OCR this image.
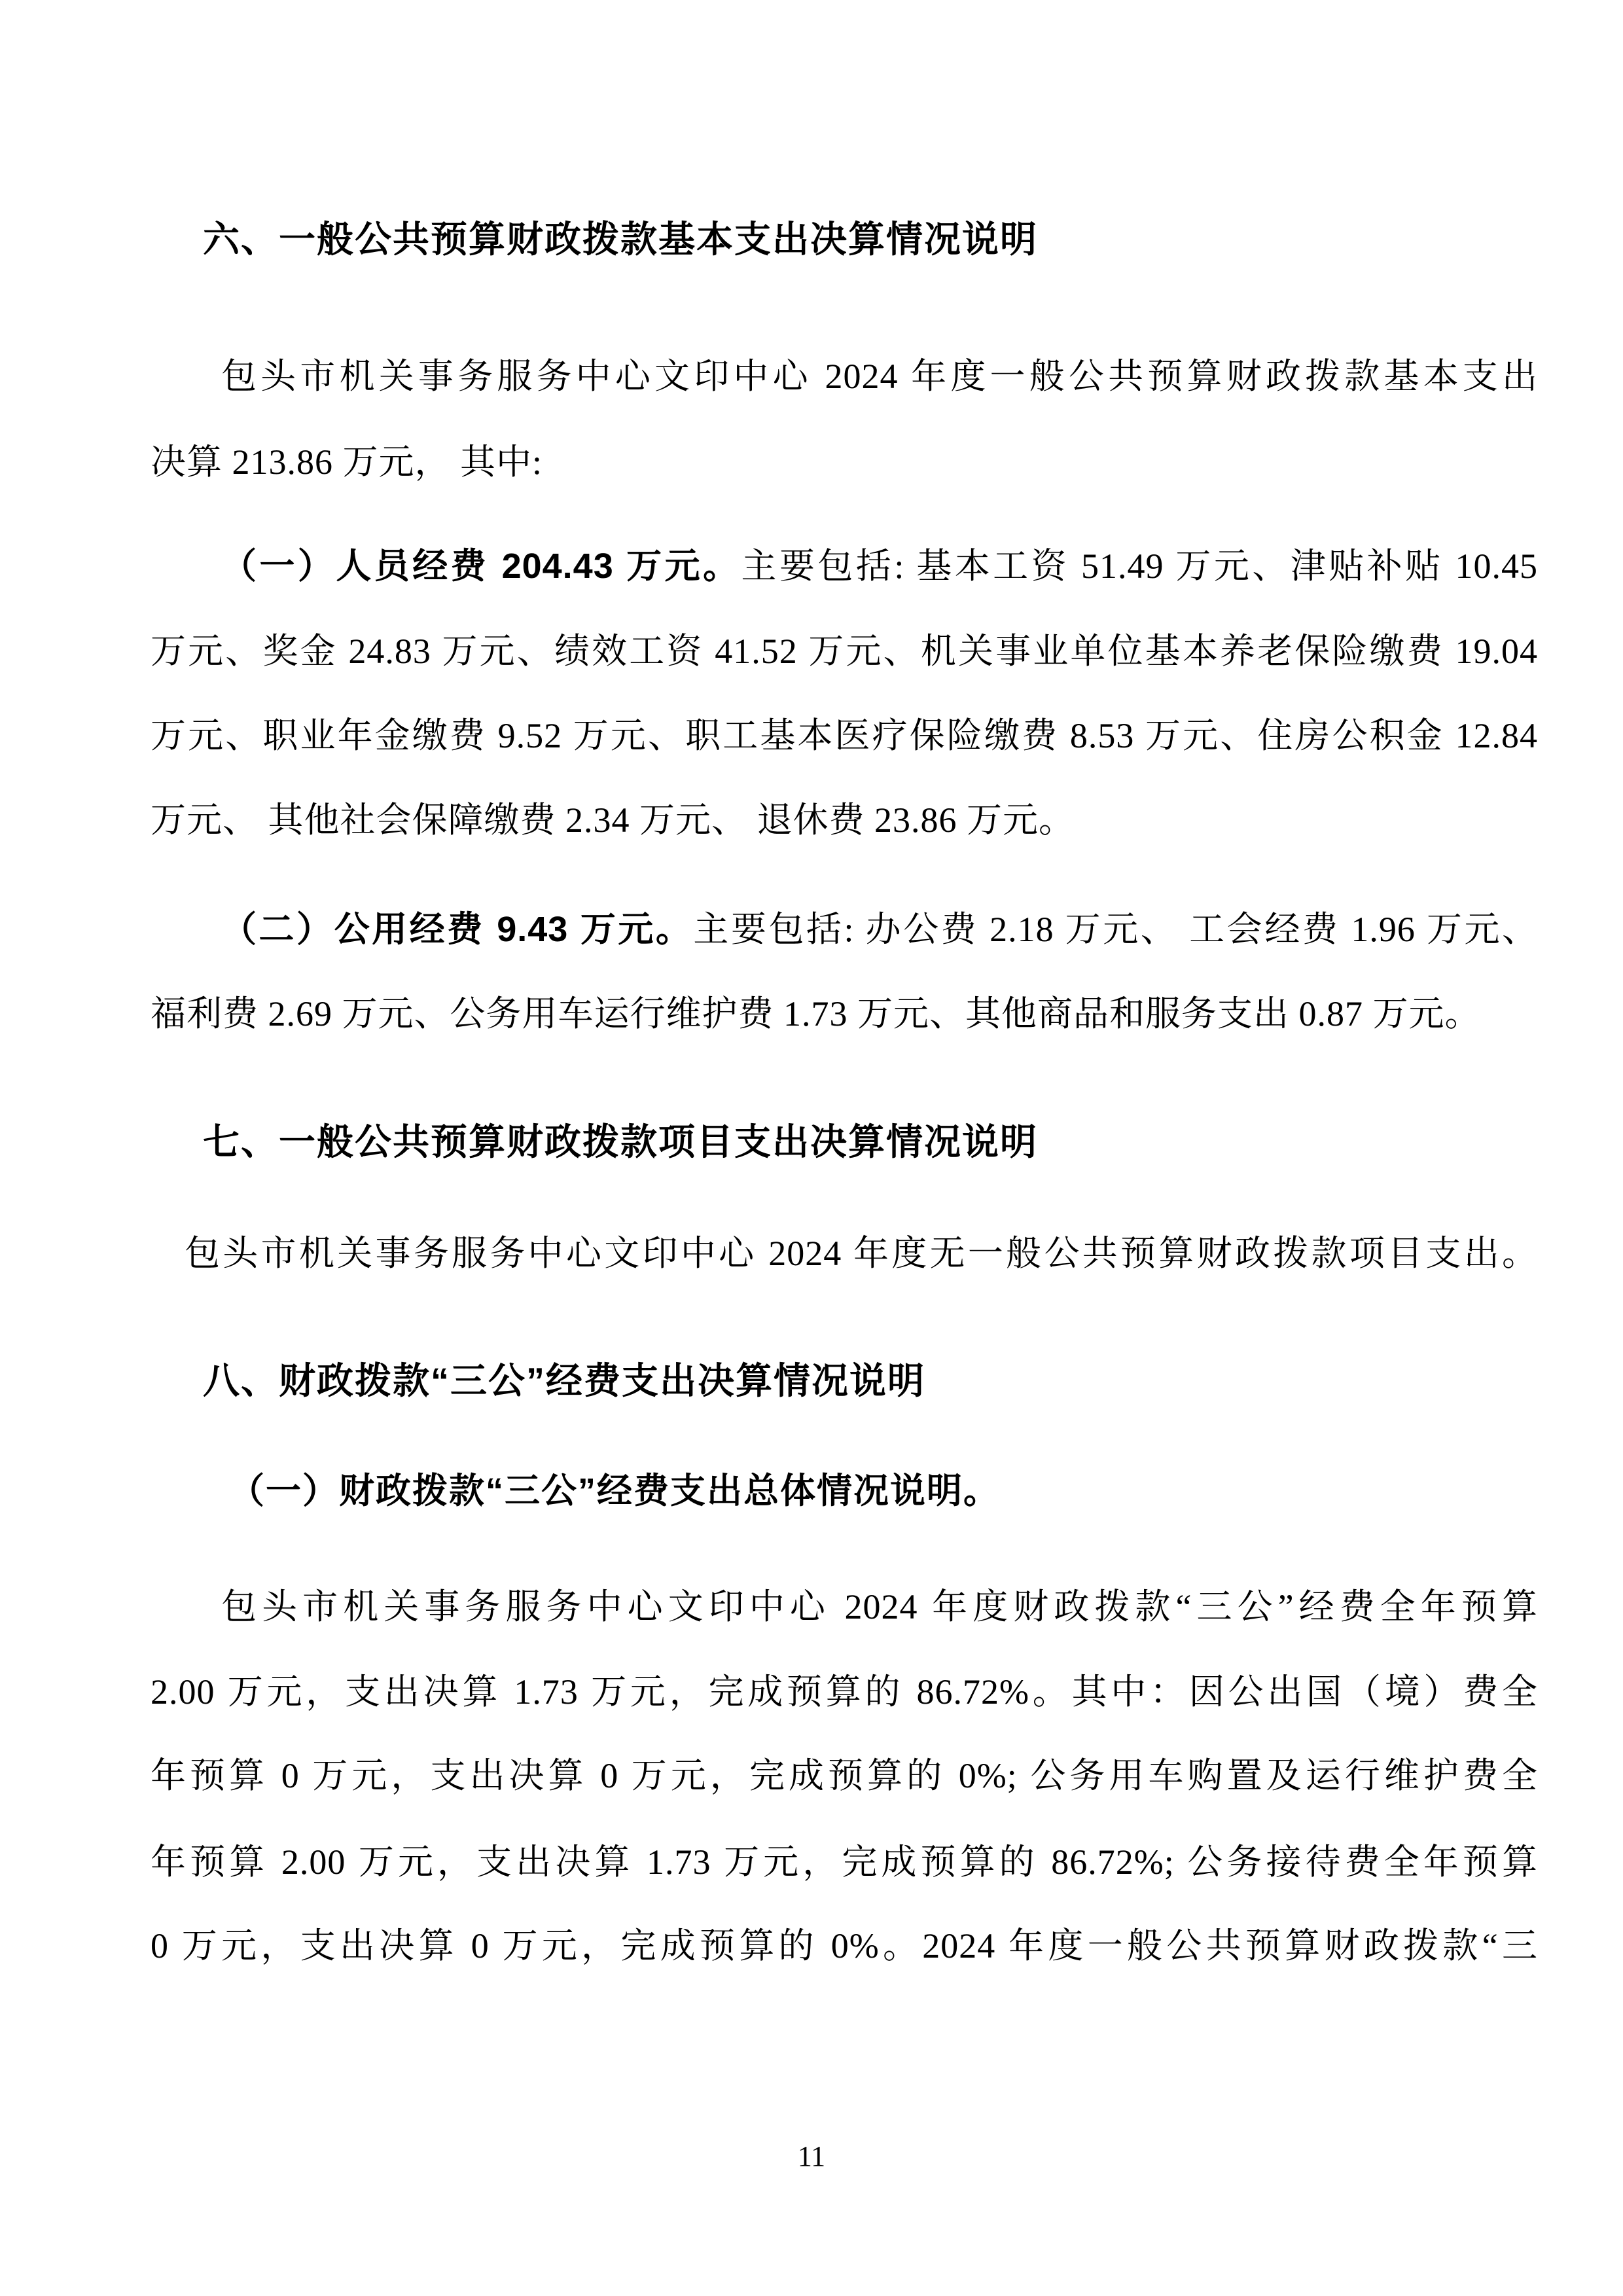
六、一般公共预算财政拨款基本支出决算情况说明
包头市机关事务服务中心文印中心 2024 年度一般公共预算财政拨款基本支出
决算 213.86 万元， 其中:
（一）人员经费 204.43 万元。主要包括: 基本工资 51.49 万元、津贴补贴 10.45
万元、奖金 24.83 万元、绩效工资 41.52 万元、机关事业单位基本养老保险缴费 19.04
万元、职业年金缴费 9.52 万元、职工基本医疗保险缴费 8.53 万元、住房公积金 12.84
万元、 其他社会保障缴费 2.34 万元、 退休费 23.86 万元。
（二）公用经费 9.43 万元。主要包括: 办公费 2.18 万元、 工会经费 1.96 万元、
福利费 2.69 万元、公务用车运行维护费 1.73 万元、其他商品和服务支出 0.87 万元。
七、一般公共预算财政拨款项目支出决算情况说明
包头市机关事务服务中心文印中心 2024 年度无一般公共预算财政拨款项目支出。
八、财政拨款“三公”经费支出决算情况说明
（一）财政拨款“三公”经费支出总体情况说明。
包头市机关事务服务中心文印中心 2024 年度财政拨款“三公”经费全年预算
2.00 万元，支出决算 1.73 万元，完成预算的 86.72%。其中：因公出国（境）费全
年预算 0 万元，支出决算 0 万元，完成预算的 0%; 公务用车购置及运行维护费全
年预算 2.00 万元，支出决算 1.73 万元，完成预算的 86.72%; 公务接待费全年预算
0 万元，支出决算 0 万元，完成预算的 0%。2024 年度一般公共预算财政拨款“三
11
